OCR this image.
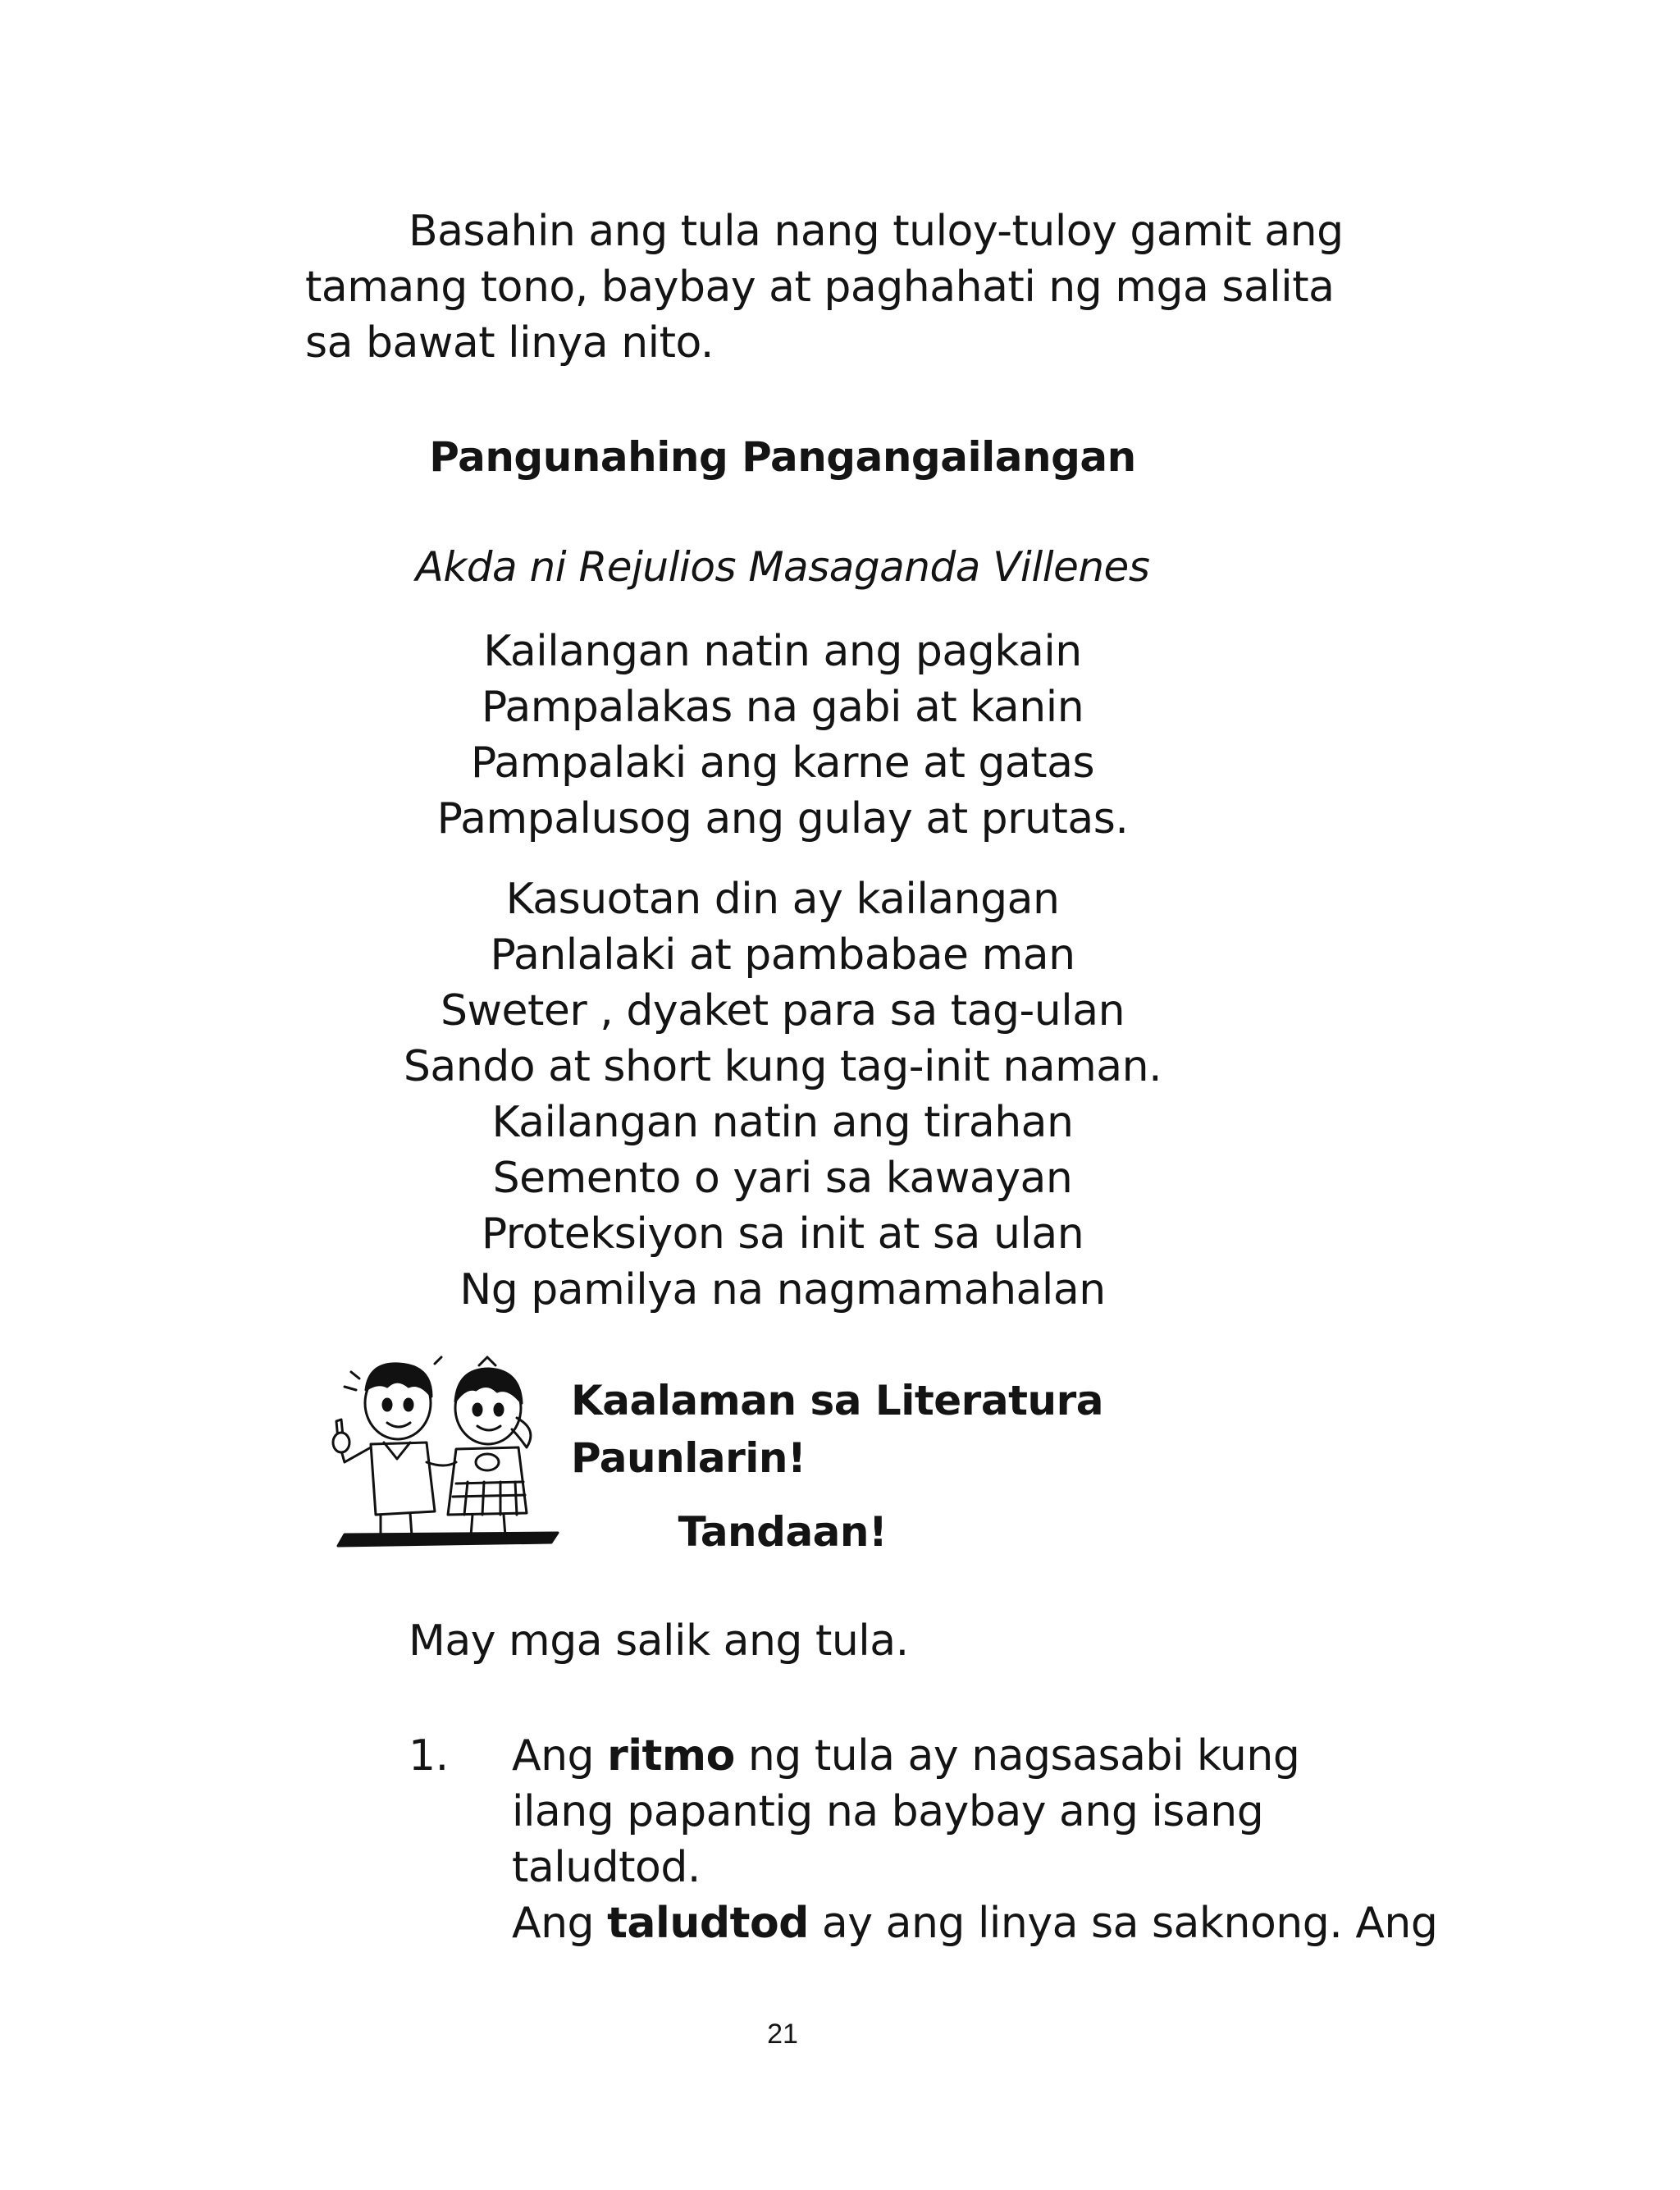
Basahin ang tula nang tuloy-tuloy gamit ang
tamang tono, baybay at paghahati ng mga salita
sa bawat linya nito.
Pangunahing Pangangailangan
Akda ni Rejulios Masaganda Villenes
Kailangan natin ang pagkain
Pampalakas na gabi at kanin
Pampalaki ang karne at gatas
Pampalusog ang gulay at prutas.
Kasuotan din ay kailangan
Panlalaki at pambabae man
Sweter , dyaket para sa tag-ulan
Sando at short kung tag-init naman.
Kailangan natin ang tirahan
Semento o yari sa kawayan
Proteksiyon sa init at sa ulan
Ng pamilya na nagmamahalan
Kaalaman sa Literatura
Paunlarin!
Tandaan!
May mga salik ang tula.
1. Ang ritmo ng tula ay nagsasabi kung
ilang papantig na baybay ang isang
taludtod.
Ang taludtod ay ang linya sa saknong. Ang
21
